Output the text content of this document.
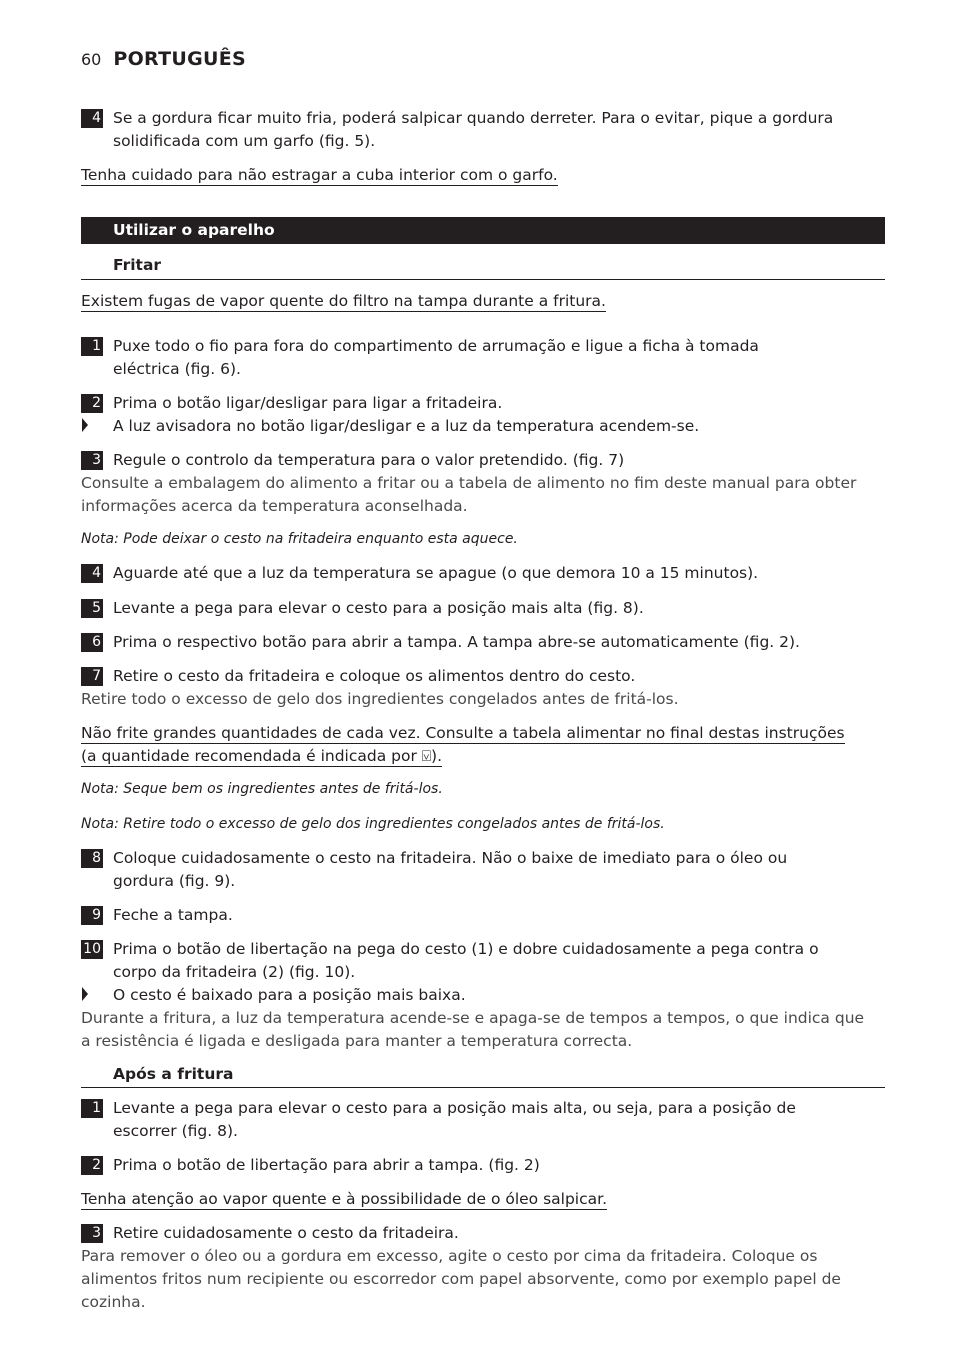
60 PORTUGUÊS
4 Se a gordura ficar muito fria, poderá salpicar quando derreter. Para o evitar, pique a gordura
solidificada com um garfo (fig. 5).
Tenha cuidado para não estragar a cuba interior com o garfo.
Utilizar o aparelho
Fritar
Existem fugas de vapor quente do filtro na tampa durante a fritura.
1 Puxe todo o fio para fora do compartimento de arrumação e ligue a ficha à tomada
eléctrica (fig. 6).
2 Prima o botão ligar/desligar para ligar a fritadeira.
A luz avisadora no botão ligar/desligar e a luz da temperatura acendem-se.
3 Regule o controlo da temperatura para o valor pretendido. (fig. 7)
Consulte a embalagem do alimento a fritar ou a tabela de alimento no fim deste manual para obter
informações acerca da temperatura aconselhada.
Nota: Pode deixar o cesto na fritadeira enquanto esta aquece.
4 Aguarde até que a luz da temperatura se apague (o que demora 10 a 15 minutos).
5 Levante a pega para elevar o cesto para a posição mais alta (fig. 8).
6 Prima o respectivo botão para abrir a tampa. A tampa abre-se automaticamente (fig. 2).
7 Retire o cesto da fritadeira e coloque os alimentos dentro do cesto.
Retire todo o excesso de gelo dos ingredientes congelados antes de fritá-los.
Não frite grandes quantidades de cada vez. Consulte a tabela alimentar no final destas instruções
(a quantidade recomendada é indicada por ⍌).
Nota: Seque bem os ingredientes antes de fritá-los.
Nota: Retire todo o excesso de gelo dos ingredientes congelados antes de fritá-los.
8 Coloque cuidadosamente o cesto na fritadeira. Não o baixe de imediato para o óleo ou
gordura (fig. 9).
9 Feche a tampa.
10 Prima o botão de libertação na pega do cesto (1) e dobre cuidadosamente a pega contra o
corpo da fritadeira (2) (fig. 10).
O cesto é baixado para a posição mais baixa.
Durante a fritura, a luz da temperatura acende-se e apaga-se de tempos a tempos, o que indica que
a resistência é ligada e desligada para manter a temperatura correcta.
Após a fritura
1 Levante a pega para elevar o cesto para a posição mais alta, ou seja, para a posição de
escorrer (fig. 8).
2 Prima o botão de libertação para abrir a tampa. (fig. 2)
Tenha atenção ao vapor quente e à possibilidade de o óleo salpicar.
3 Retire cuidadosamente o cesto da fritadeira.
Para remover o óleo ou a gordura em excesso, agite o cesto por cima da fritadeira. Coloque os
alimentos fritos num recipiente ou escorredor com papel absorvente, como por exemplo papel de
cozinha.
